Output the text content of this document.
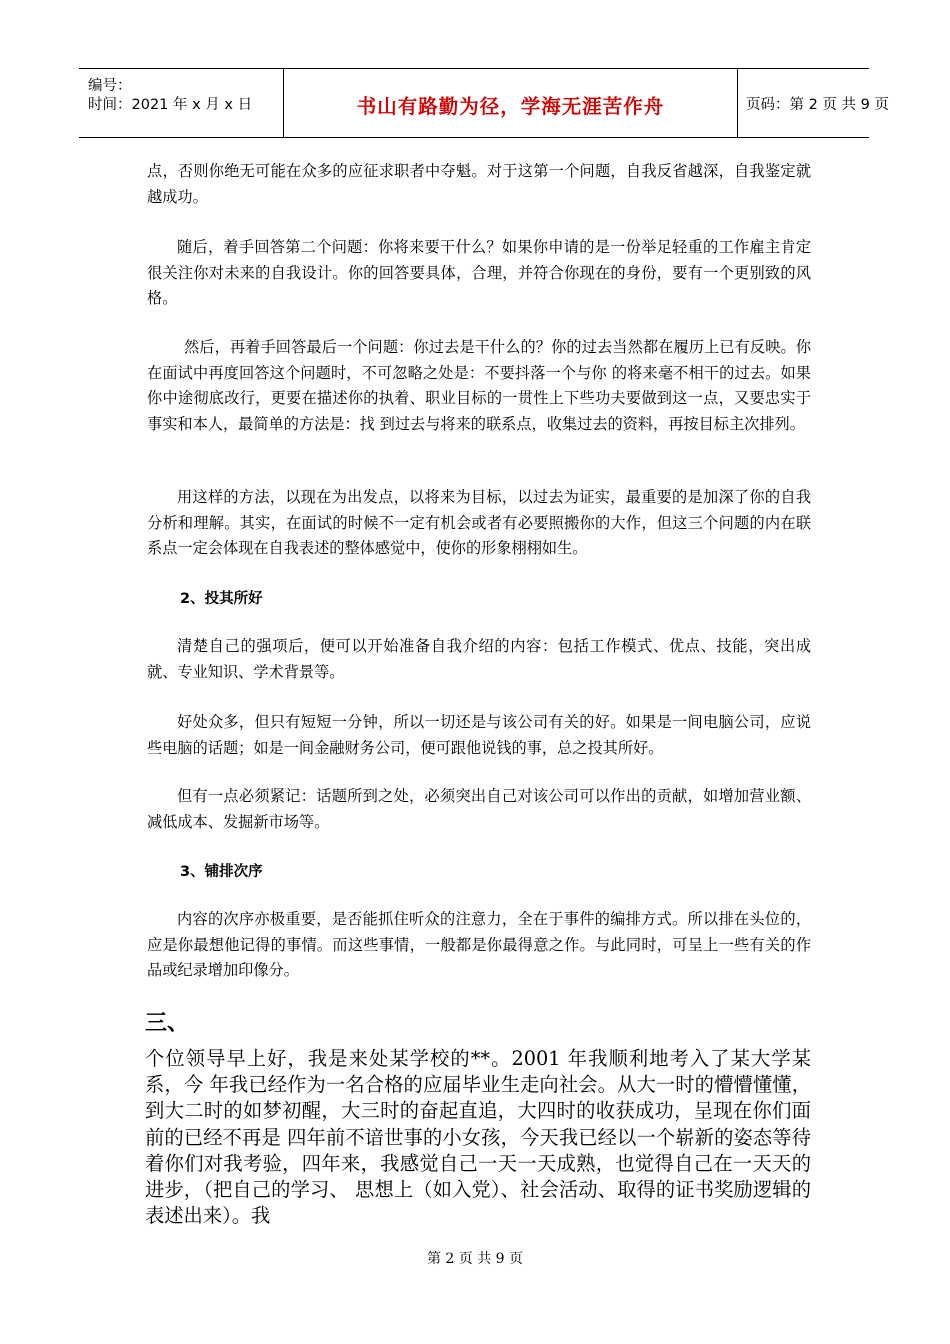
编号：
时间：2021 年 x 月 x 日	书山有路勤为径，学海无涯苦作舟	页码：第 2 页 共 9 页

点，否则你绝无可能在众多的应征求职者中夺魁。对于这第一个问题，自我反省越深，自我鉴定就越成功。

随后，着手回答第二个问题：你将来要干什么？如果你申请的是一份举足轻重的工作雇主肯定很关注你对未来的自我设计。你的回答要具体，合理，并符合你现在的身份，要有一个更别致的风格。

然后，再着手回答最后一个问题：你过去是干什么的？你的过去当然都在履历上已有反映。你在面试中再度回答这个问题时，不可忽略之处是：不要抖落一个与你 的将来毫不相干的过去。如果你中途彻底改行，更要在描述你的执着、职业目标的一贯性上下些功夫要做到这一点，又要忠实于事实和本人，最简单的方法是：找 到过去与将来的联系点，收集过去的资料，再按目标主次排列。

用这样的方法，以现在为出发点，以将来为目标，以过去为证实，最重要的是加深了你的自我分析和理解。其实，在面试的时候不一定有机会或者有必要照搬你的大作，但这三个问题的内在联系点一定会体现在自我表述的整体感觉中，使你的形象栩栩如生。

2、投其所好

清楚自己的强项后，便可以开始准备自我介绍的内容：包括工作模式、优点、技能，突出成就、专业知识、学术背景等。

好处众多，但只有短短一分钟，所以一切还是与该公司有关的好。如果是一间电脑公司，应说些电脑的话题；如是一间金融财务公司，便可跟他说钱的事，总之投其所好。

但有一点必须紧记：话题所到之处，必须突出自己对该公司可以作出的贡献，如增加营业额、减低成本、发掘新市场等。

3、铺排次序

内容的次序亦极重要，是否能抓住听众的注意力，全在于事件的编排方式。所以排在头位的，应是你最想他记得的事情。而这些事情，一般都是你最得意之作。与此同时，可呈上一些有关的作品或纪录增加印像分。

三、

个位领导早上好，我是来处某学校的**。2001 年我顺利地考入了某大学某系，今 年我已经作为一名合格的应届毕业生走向社会。从大一时的懵懵懂懂，到大二时的如梦初醒，大三时的奋起直追，大四时的收获成功，呈现在你们面前的已经不再是 四年前不谙世事的小女孩，今天我已经以一个崭新的姿态等待着你们对我考验，四年来，我感觉自己一天一天成熟，也觉得自己在一天天的进步，（把自己的学习、 思想上（如入党）、社会活动、取得的证书奖励逻辑的表述出来）。我

第 2 页 共 9 页
